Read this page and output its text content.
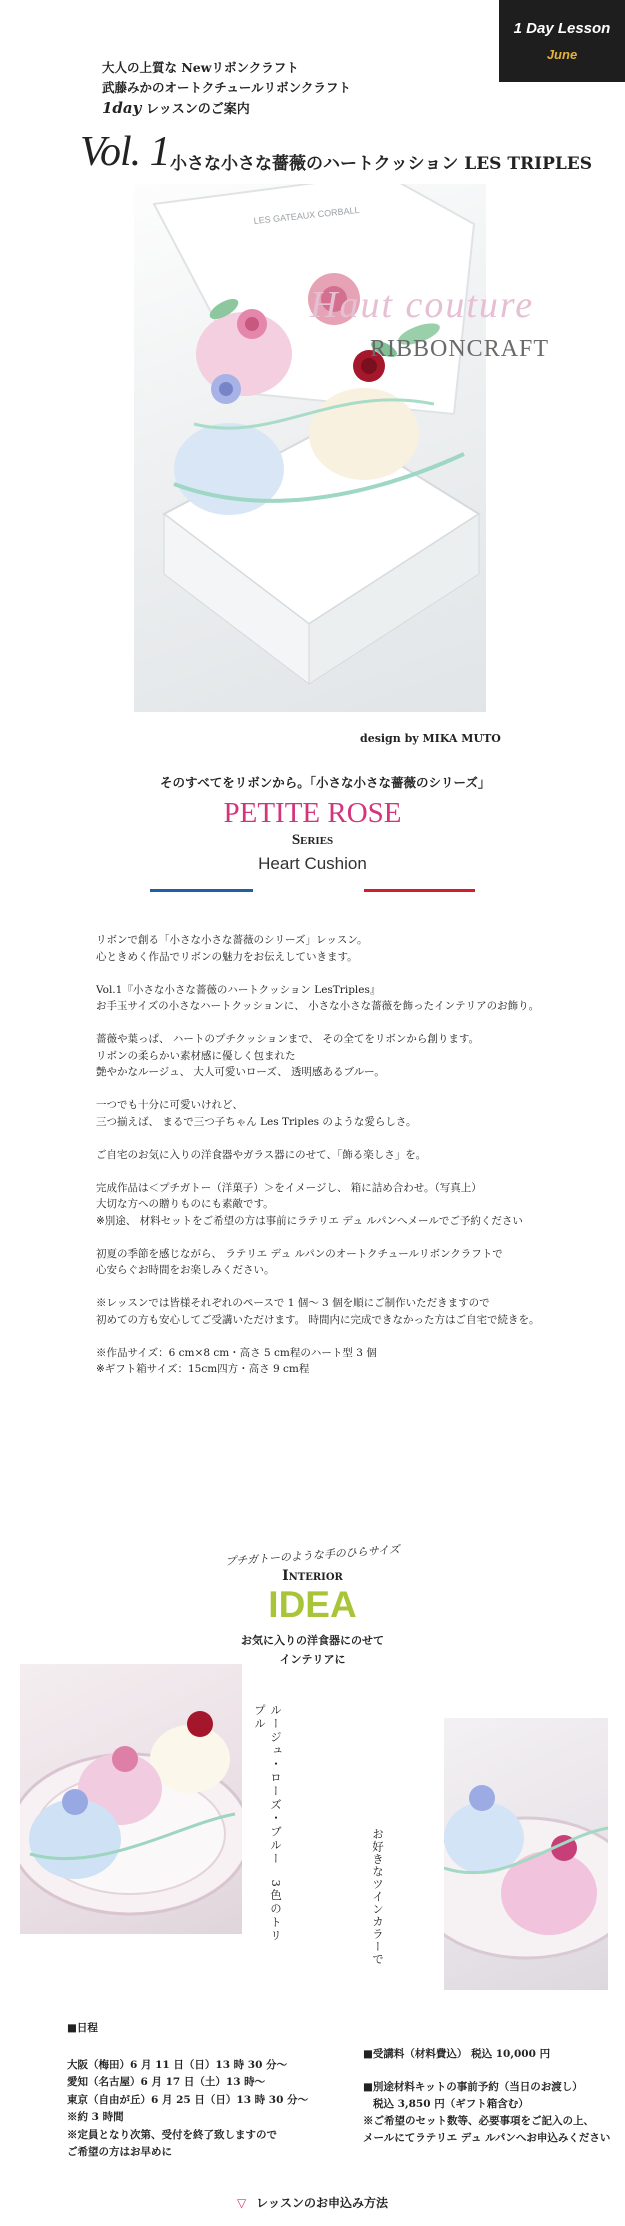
1 Day Lesson
June
大人の上質な Newリボンクラフト
武藤みかのオートクチュールリボンクラフト
1day レッスンのご案内
Vol. 1 小さな小さな薔薇のハートクッション LES TRIPLES
LES GATEAUX CORBALL
Haut couture
RIBBONCRAFT
design by MIKA MUTO
そのすべてをリボンから。「小さな小さな薔薇のシリーズ」
PETITE ROSE
Series
Heart Cushion

リボンで創る「小さな小さな薔薇のシリーズ」レッスン。
心ときめく作品でリボンの魅力をお伝えしていきます。

Vol.1『小さな小さな薔薇のハートクッション LesTriples』
お手玉サイズの小さなハートクッションに、 小さな小さな薔薇を飾ったインテリアのお飾り。

薔薇や葉っぱ、 ハートのプチクッションまで、 その全てをリボンから創ります。
リボンの柔らかい素材感に優しく包まれた
艶やかなルージュ、 大人可愛いローズ、 透明感あるブルー。

一つでも十分に可愛いけれど、
三つ揃えば、 まるで三つ子ちゃん Les Triples のような愛らしさ。

ご自宅のお気に入りの洋食器やガラス器にのせて、「飾る楽しさ」を。

完成作品は＜プチガトー（洋菓子）＞をイメージし、 箱に詰め合わせ。（写真上）
大切な方への贈りものにも素敵です。
※別途、 材料セットをご希望の方は事前にラテリエ デュ ルパンへメールでご予約ください

初夏の季節を感じながら、 ラテリエ デュ ルパンのオートクチュールリボンクラフトで
心安らぐお時間をお楽しみください。

※レッスンでは皆様それぞれのペースで 1 個～ 3 個を順にご制作いただきますので
初めての方も安心してご受講いただけます。 時間内に完成できなかった方はご自宅で続きを。

※作品サイズ：6 cm×8 cm・高さ 5 cm程のハート型 3 個
※ギフト箱サイズ：15cm四方・高さ 9 cm程

プチガトーのような手のひらサイズ
Interior
IDEA
お気に入りの洋食器にのせて
インテリアに
ルージュ・ローズ・ブルー　3色のトリプル
お好きなツインカラーで
■日程
大阪（梅田）6 月 11 日（日）13 時 30 分～
愛知（名古屋）6 月 17 日（土）13 時～
東京（自由が丘）6 月 25 日（日）13 時 30 分～
※約 3 時間
※定員となり次第、受付を終了致しますので
ご希望の方はお早めに
■受講料（材料費込） 税込 10,000 円
■別途材料キットの事前予約（当日のお渡し）
税込 3,850 円（ギフト箱含む）
※ご希望のセット数等、必要事項をご記入の上、
メールにてラテリエ デュ ルパンへお申込みください
▽ レッスンのお申込み方法
